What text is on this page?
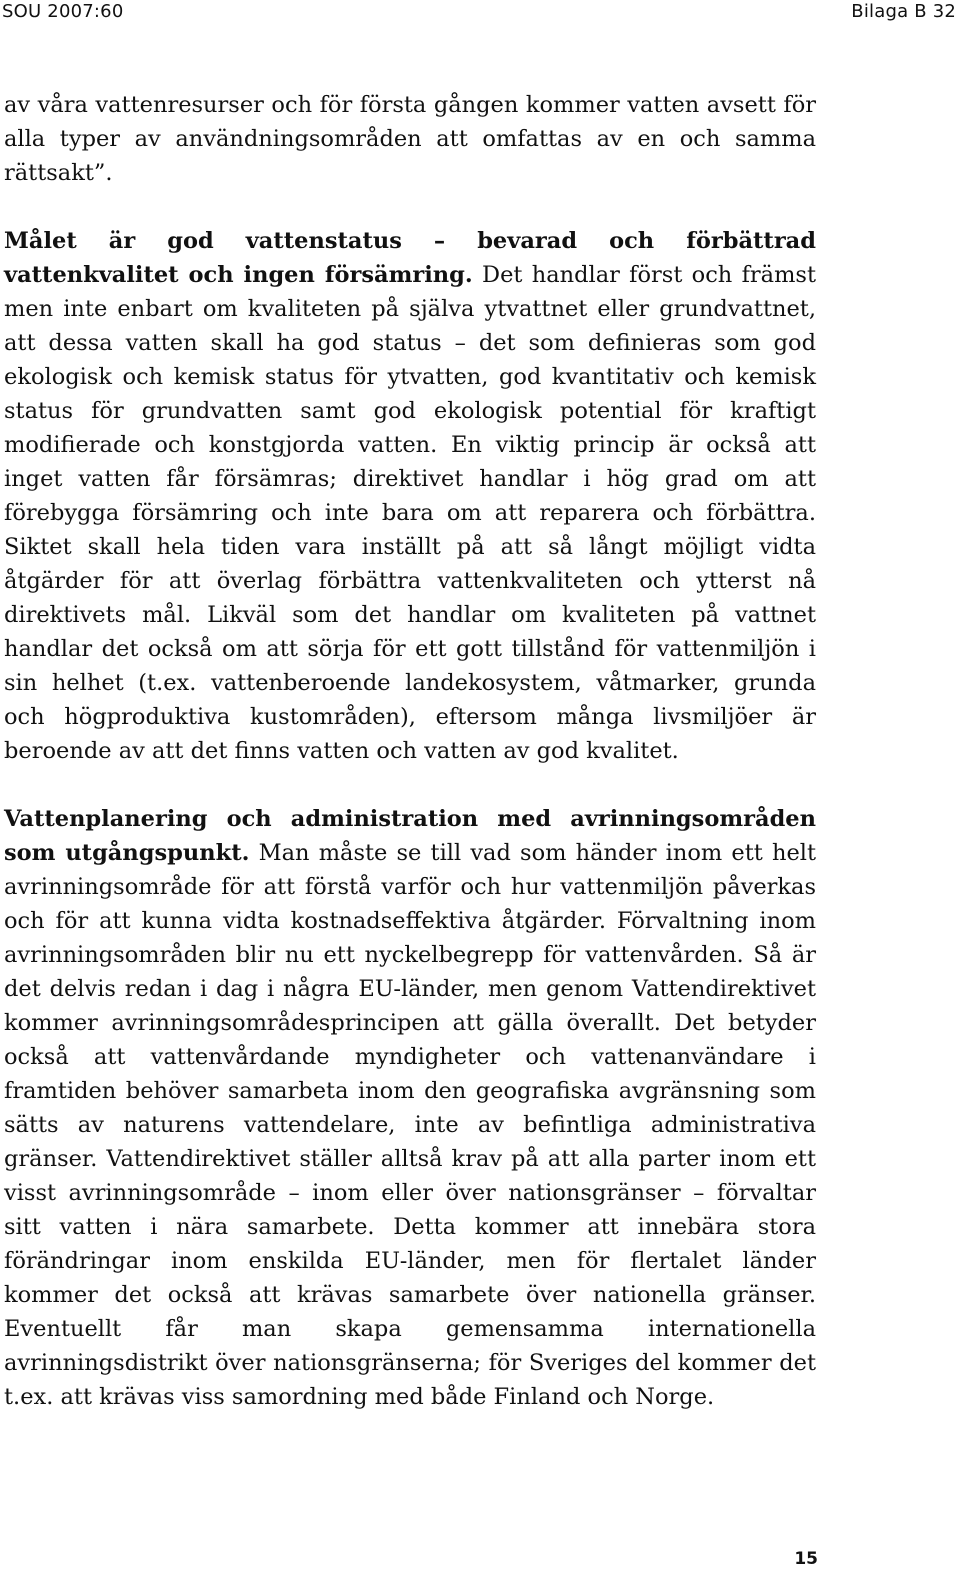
SOU 2007:60	Bilaga B 32

av våra vattenresurser och för första gången kommer vatten avsett för alla typer av användningsområden att omfattas av en och samma rättsakt”.

Målet är god vattenstatus – bevarad och förbättrad vattenkvalitet och ingen försämring. Det handlar först och främst men inte enbart om kvaliteten på själva ytvattnet eller grundvattnet, att dessa vatten skall ha god status – det som definieras som god ekologisk och kemisk status för ytvatten, god kvantitativ och kemisk status för grundvatten samt god ekologisk potential för kraftigt modifierade och konstgjorda vatten. En viktig princip är också att inget vatten får försämras; direktivet handlar i hög grad om att förebygga försämring och inte bara om att reparera och förbättra. Siktet skall hela tiden vara inställt på att så långt möjligt vidta åtgärder för att överlag förbättra vattenkvaliteten och ytterst nå direktivets mål. Likväl som det handlar om kvaliteten på vattnet handlar det också om att sörja för ett gott tillstånd för vattenmiljön i sin helhet (t.ex. vattenberoende landekosystem, våtmarker, grunda och högproduktiva kustområden), eftersom många livsmiljöer är beroende av att det finns vatten och vatten av god kvalitet.

Vattenplanering och administration med avrinningsområden som utgångspunkt. Man måste se till vad som händer inom ett helt avrinningsområde för att förstå varför och hur vattenmiljön påverkas och för att kunna vidta kostnadseffektiva åtgärder. Förvaltning inom avrinningsområden blir nu ett nyckelbegrepp för vattenvården. Så är det delvis redan i dag i några EU-länder, men genom Vattendirektivet kommer avrinningsområdesprincipen att gälla överallt. Det betyder också att vattenvårdande myndigheter och vattenanvändare i framtiden behöver samarbeta inom den geografiska avgränsning som sätts av naturens vattendelare, inte av befintliga administrativa gränser. Vattendirektivet ställer alltså krav på att alla parter inom ett visst avrinningsområde – inom eller över nationsgränser – förvaltar sitt vatten i nära samarbete. Detta kommer att innebära stora förändringar inom enskilda EU-länder, men för flertalet länder kommer det också att krävas samarbete över nationella gränser. Eventuellt får man skapa gemensamma internationella avrinningsdistrikt över nationsgränserna; för Sveriges del kommer det t.ex. att krävas viss samordning med både Finland och Norge.

15
